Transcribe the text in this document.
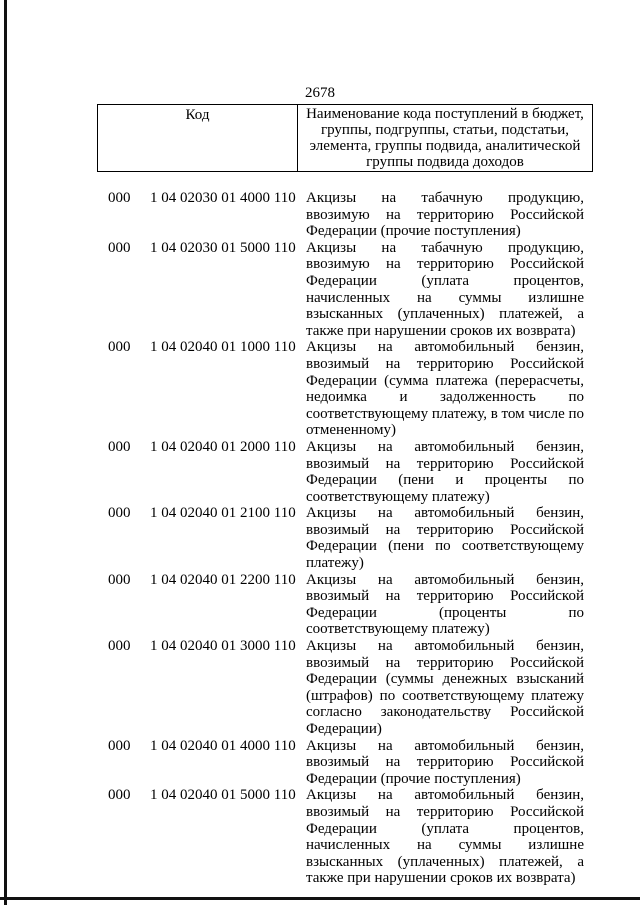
2678
Код	Наименование кода поступлений в бюджет, группы, подгруппы, статьи, подстатьи, элемента, группы подвида, аналитической группы подвида доходов
000 1 04 02030 01 4000 110 Акцизы на табачную продукцию, ввозимую на территорию Российской Федерации (прочие поступления)
000 1 04 02030 01 5000 110 Акцизы на табачную продукцию, ввозимую на территорию Российской Федерации (уплата процентов, начисленных на суммы излишне взысканных (уплаченных) платежей, а также при нарушении сроков их возврата)
000 1 04 02040 01 1000 110 Акцизы на автомобильный бензин, ввозимый на территорию Российской Федерации (сумма платежа (перерасчеты, недоимка и задолженность по соответствующему платежу, в том числе по отмененному)
000 1 04 02040 01 2000 110 Акцизы на автомобильный бензин, ввозимый на территорию Российской Федерации (пени и проценты по соответствующему платежу)
000 1 04 02040 01 2100 110 Акцизы на автомобильный бензин, ввозимый на территорию Российской Федерации (пени по соответствующему платежу)
000 1 04 02040 01 2200 110 Акцизы на автомобильный бензин, ввозимый на территорию Российской Федерации (проценты по соответствующему платежу)
000 1 04 02040 01 3000 110 Акцизы на автомобильный бензин, ввозимый на территорию Российской Федерации (суммы денежных взысканий (штрафов) по соответствующему платежу согласно законодательству Российской Федерации)
000 1 04 02040 01 4000 110 Акцизы на автомобильный бензин, ввозимый на территорию Российской Федерации (прочие поступления)
000 1 04 02040 01 5000 110 Акцизы на автомобильный бензин, ввозимый на территорию Российской Федерации (уплата процентов, начисленных на суммы излишне взысканных (уплаченных) платежей, а также при нарушении сроков их возврата)
